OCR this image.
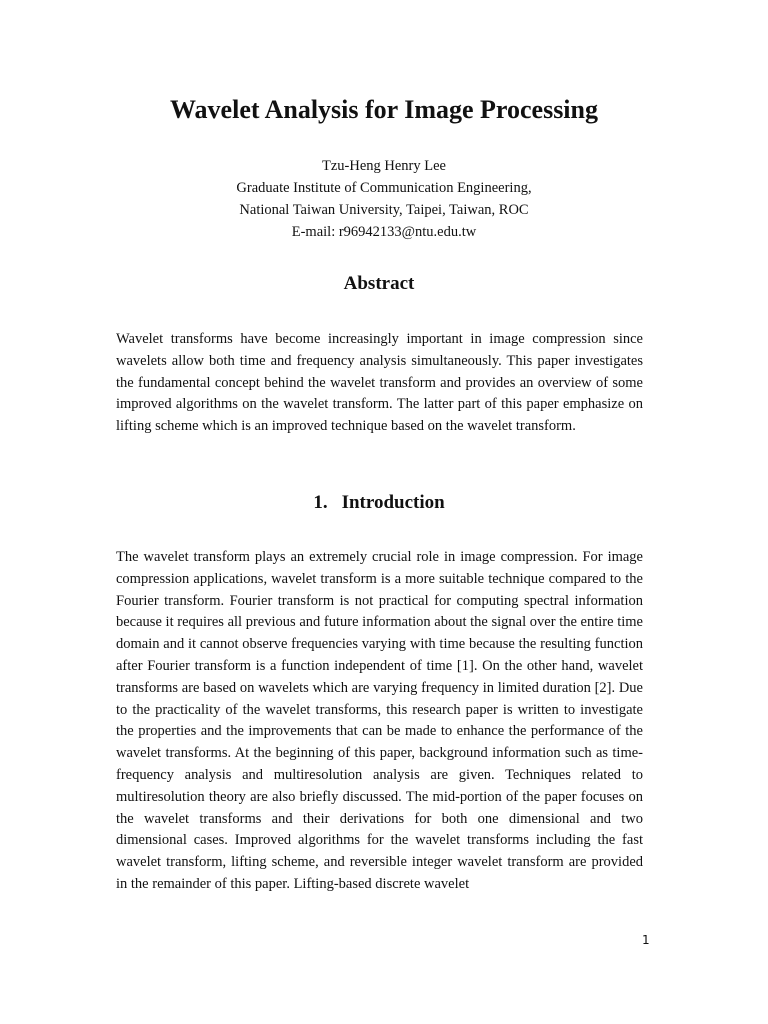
Wavelet Analysis for Image Processing
Tzu-Heng Henry Lee
Graduate Institute of Communication Engineering,
National Taiwan University, Taipei, Taiwan, ROC
E-mail: r96942133@ntu.edu.tw
Abstract

Wavelet transforms have become increasingly important in image compression since wavelets allow both time and frequency analysis simultaneously. This paper investigates the fundamental concept behind the wavelet transform and provides an overview of some improved algorithms on the wavelet transform. The latter part of this paper emphasize on lifting scheme which is an improved technique based on the wavelet transform.

1. Introduction

The wavelet transform plays an extremely crucial role in image compression. For image compression applications, wavelet transform is a more suitable technique compared to the Fourier transform. Fourier transform is not practical for computing spectral information because it requires all previous and future information about the signal over the entire time domain and it cannot observe frequencies varying with time because the resulting function after Fourier transform is a function independent of time [1]. On the other hand, wavelet transforms are based on wavelets which are varying frequency in limited duration [2]. Due to the practicality of the wavelet transforms, this research paper is written to investigate the properties and the improvements that can be made to enhance the performance of the wavelet transforms. At the beginning of this paper, background information such as time-frequency analysis and multiresolution analysis are given. Techniques related to multiresolution theory are also briefly discussed. The mid-portion of the paper focuses on the wavelet transforms and their derivations for both one dimensional and two dimensional cases. Improved algorithms for the wavelet transforms including the fast wavelet transform, lifting scheme, and reversible integer wavelet transform are provided in the remainder of this paper. Lifting-based discrete wavelet

1
